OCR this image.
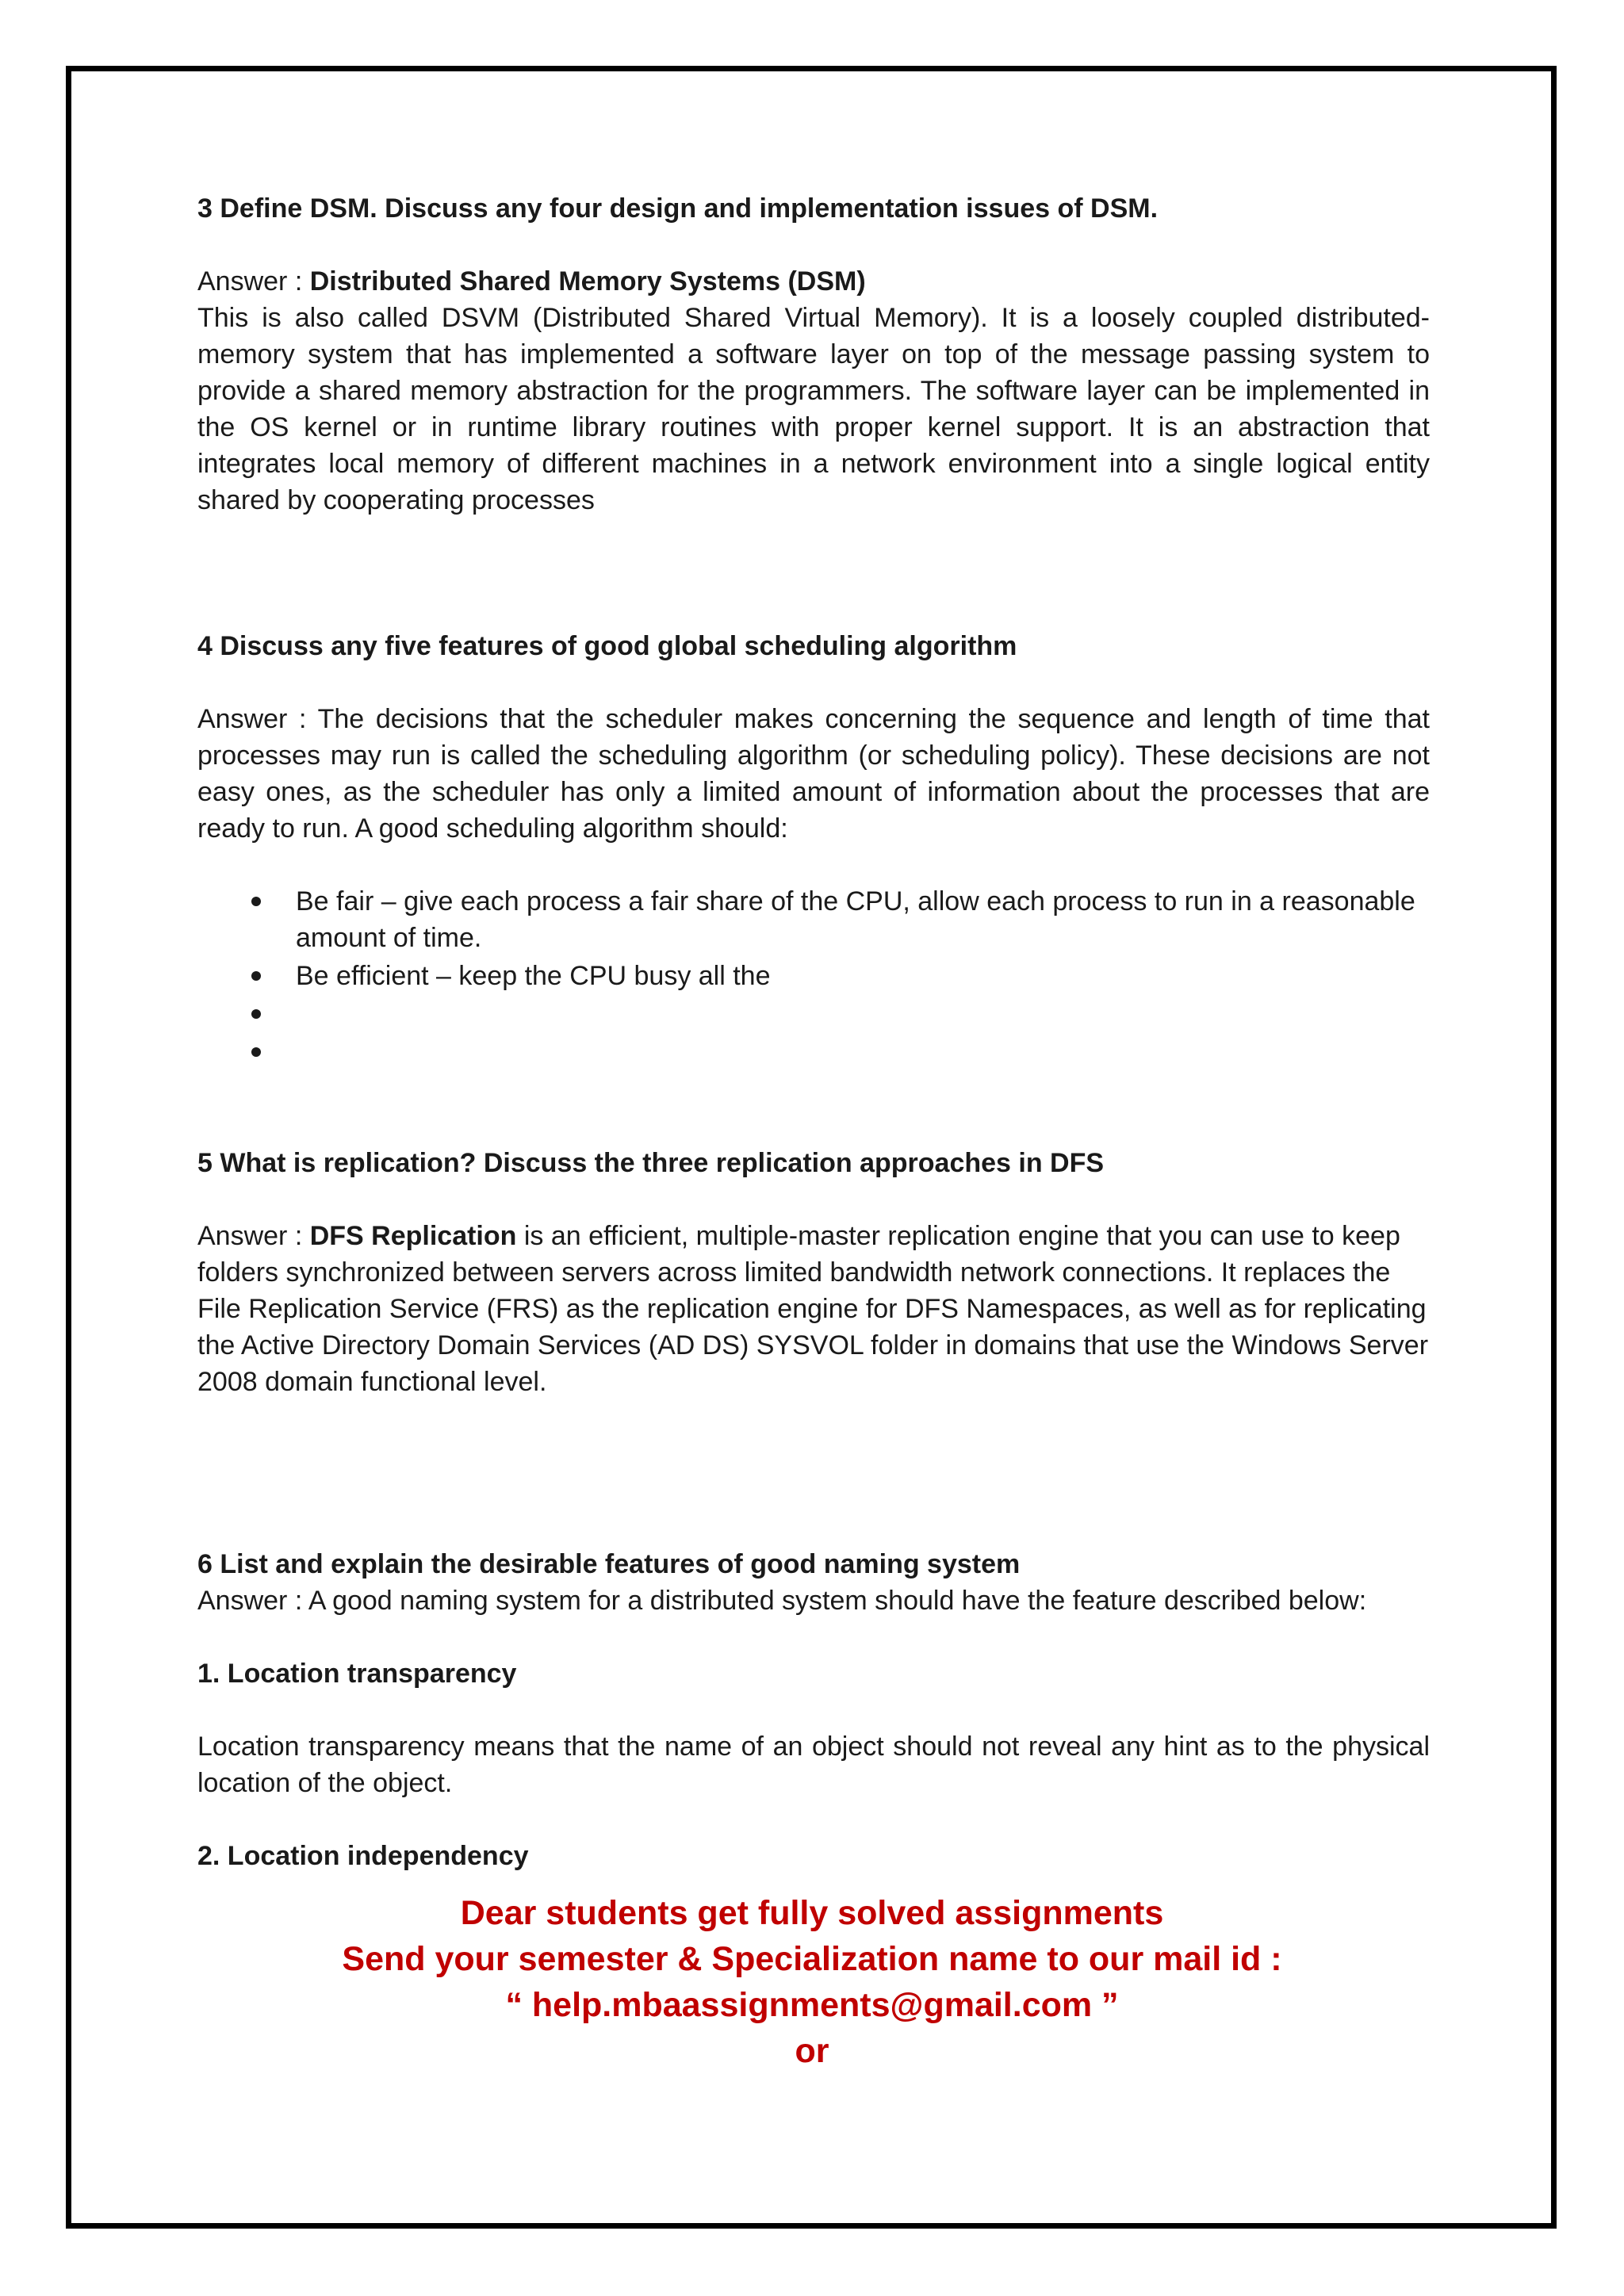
3 Define DSM. Discuss any four design and implementation issues of DSM.

Answer : Distributed Shared Memory Systems (DSM)

This is also called DSVM (Distributed Shared Virtual Memory). It is a loosely coupled distributed-memory system that has implemented a software layer on top of the message passing system to provide a shared memory abstraction for the programmers. The software layer can be implemented in the OS kernel or in runtime library routines with proper kernel support. It is an abstraction that integrates local memory of different machines in a network environment into a single logical entity shared by cooperating processes

4 Discuss any five features of good global scheduling algorithm

Answer : The decisions that the scheduler makes concerning the sequence and length of time that processes may run is called the scheduling algorithm (or scheduling policy). These decisions are not easy ones, as the scheduler has only a limited amount of information about the processes that are ready to run. A good scheduling algorithm should:

Be fair – give each process a fair share of the CPU, allow each process to run in a reasonable amount of time.
Be efficient – keep the CPU busy all the

5 What is replication? Discuss the three replication approaches in DFS

Answer : DFS Replication is an efficient, multiple-master replication engine that you can use to keep folders synchronized between servers across limited bandwidth network connections. It replaces the File Replication Service (FRS) as the replication engine for DFS Namespaces, as well as for replicating the Active Directory Domain Services (AD DS) SYSVOL folder in domains that use the Windows Server 2008 domain functional level.

6 List and explain the desirable features of good naming system

Answer : A good naming system for a distributed system should have the feature described below:

1. Location transparency

Location transparency means that the name of an object should not reveal any hint as to the physical location of the object.

2. Location independency

Dear students get fully solved assignments
Send your semester & Specialization name to our mail id :
“ help.mbaassignments@gmail.com ”
or
